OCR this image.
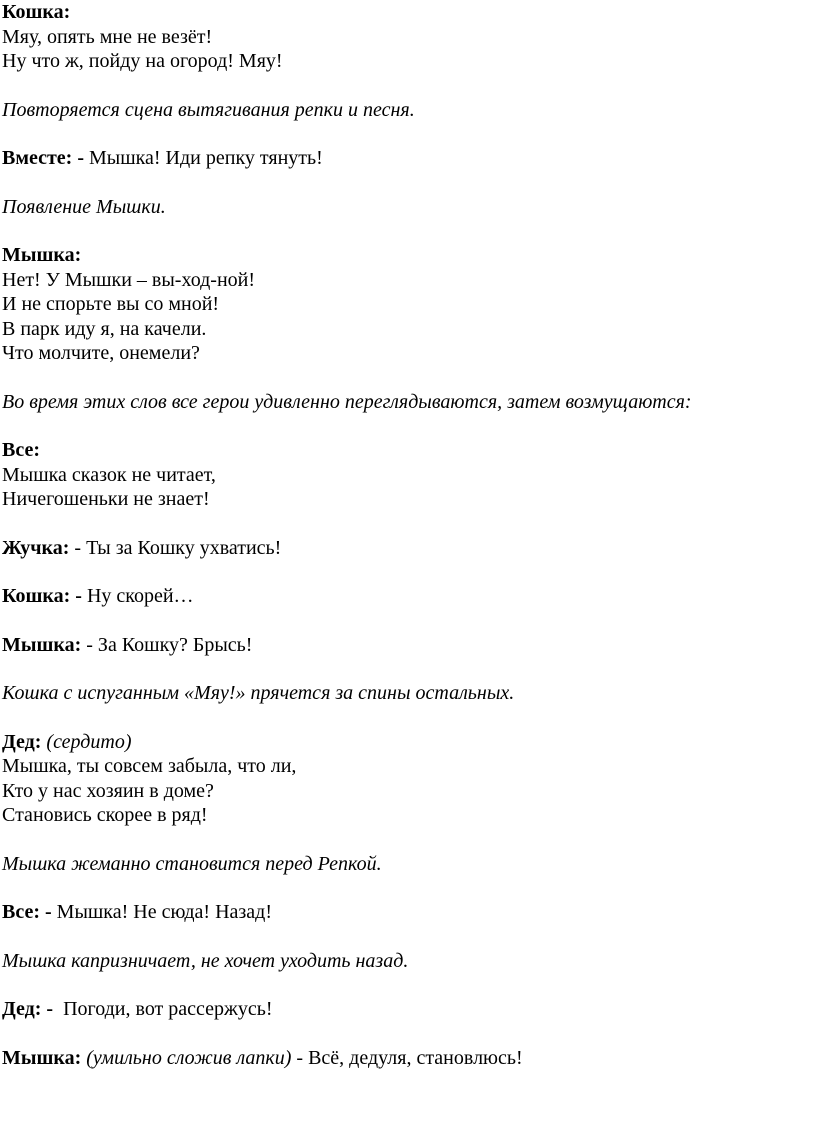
Кошка:
Мяу, опять мне не везёт!
Ну что ж, пойду на огород! Мяу!
Повторяется сцена вытягивания репки и песня.
Вместе: - Мышка! Иди репку тянуть!
Появление Мышки.
Мышка:
Нет! У Мышки – вы-ход-ной!
И не спорьте вы со мной!
В парк иду я, на качели.
Что молчите, онемели?
Во время этих слов все герои удивленно переглядываются, затем возмущаются:
Все:
Мышка сказок не читает,
Ничегошеньки не знает!
Жучка: - Ты за Кошку ухватись!
Кошка: - Ну скорей…
Мышка: - За Кошку? Брысь!
Кошка с испуганным «Мяу!» прячется за спины остальных.
Дед: (сердито)
Мышка, ты совсем забыла, что ли,
Кто у нас хозяин в доме?
Становись скорее в ряд!
Мышка жеманно становится перед Репкой.
Все: - Мышка! Не сюда! Назад!
Мышка капризничает, не хочет уходить назад.
Дед: -  Погоди, вот рассержусь!
Мышка: (умильно сложив лапки) - Всё, дедуля, становлюсь!
